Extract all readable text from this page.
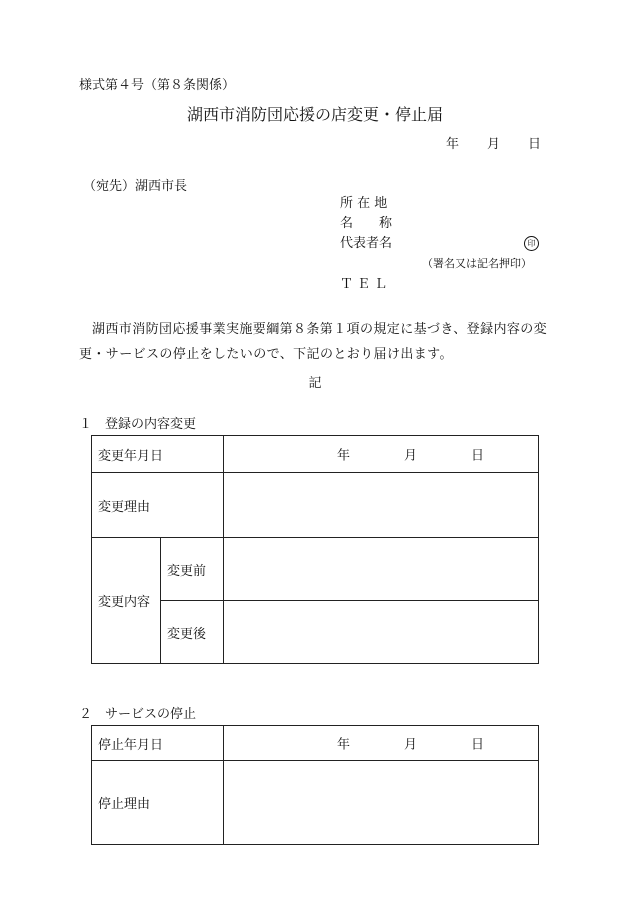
様式第４号（第８条関係）
湖西市消防団応援の店変更・停止届
年 月 日
（宛先）湖西市長
所 在 地
名　　称
代表者名	印
（署名又は記名押印）
Ｔ Ｅ Ｌ
湖西市消防団応援事業実施要綱第８条第１項の規定に基づき、登録内容の変更・サービスの停止をしたいので、下記のとおり届け出ます。
記
１　登録の内容変更
変更年月日		年 月 日

変更理由		
変更内容	変更前	
	変更後	
２　サービスの停止
停止年月日	年 月 日

停止理由	
